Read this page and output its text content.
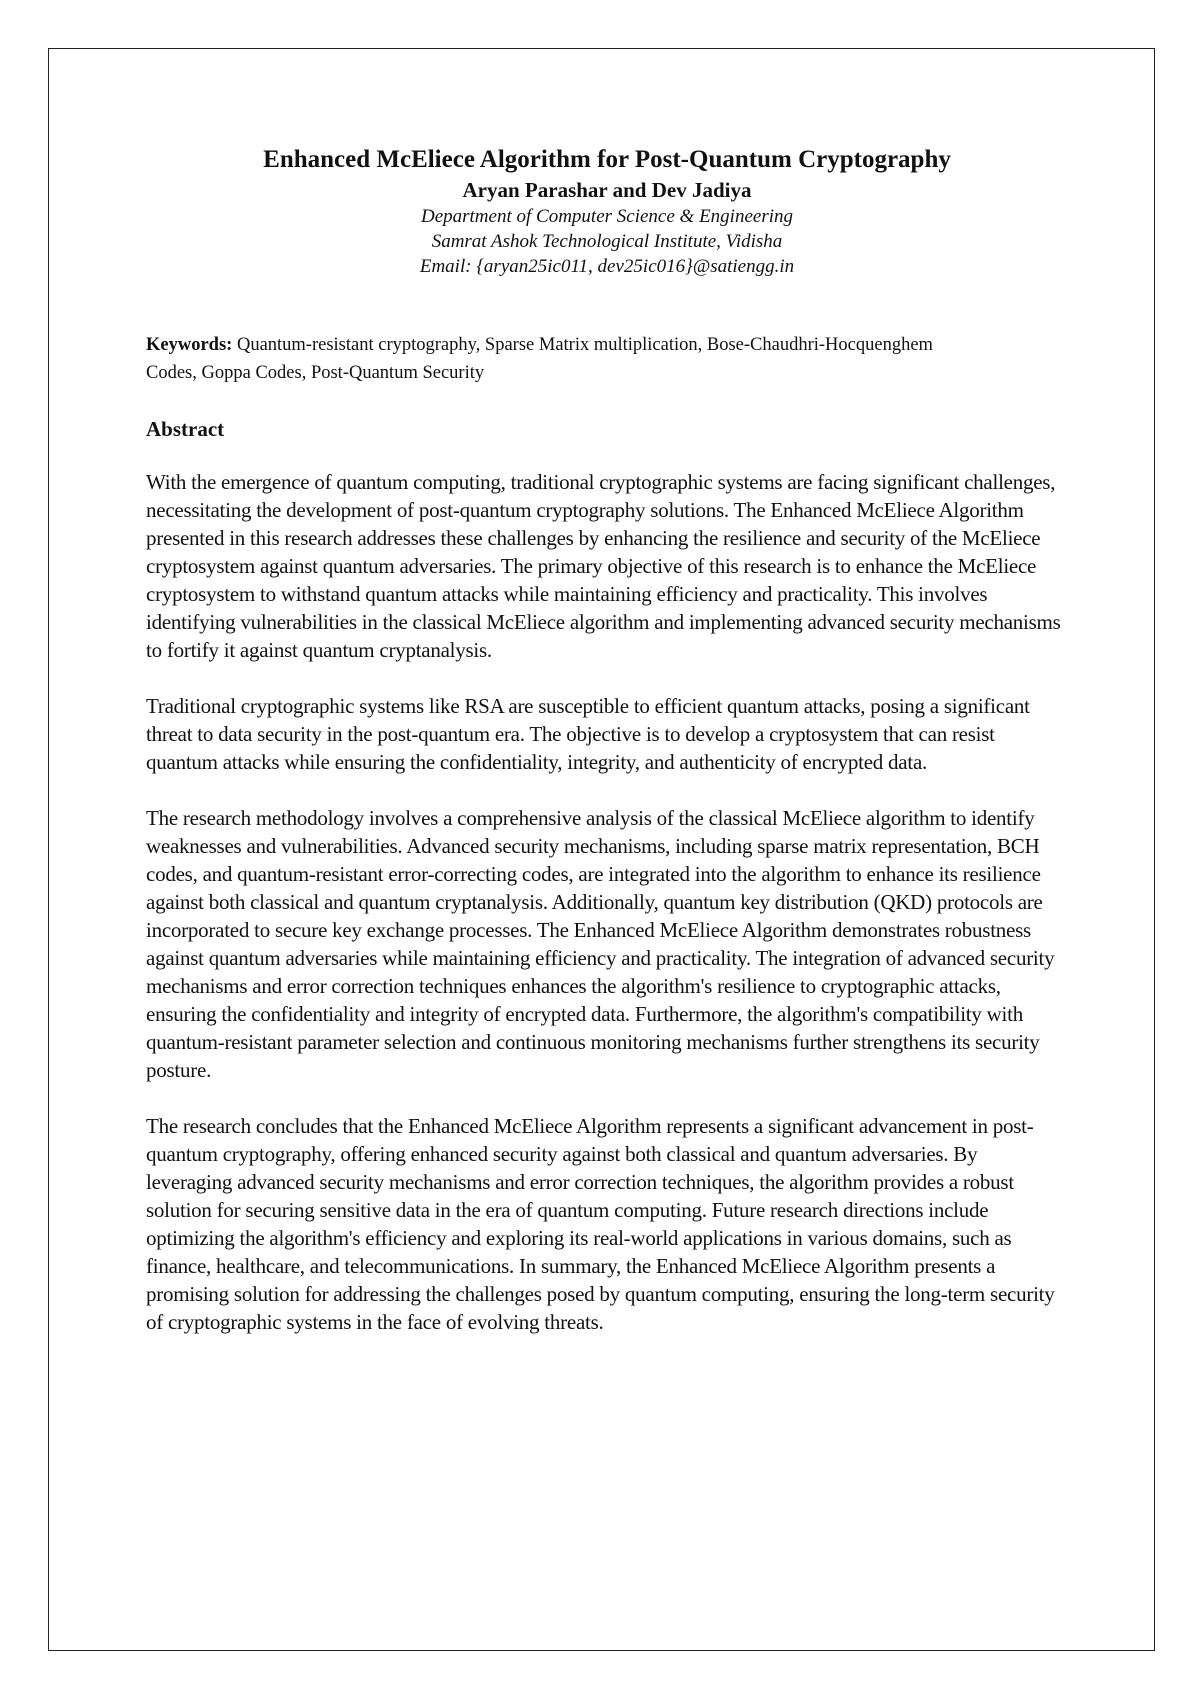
Enhanced McEliece Algorithm for Post-Quantum Cryptography

Aryan Parashar and Dev Jadiya

Department of Computer Science & Engineering

Samrat Ashok Technological Institute, Vidisha

Email: {aryan25ic011, dev25ic016}@satiengg.in

Keywords: Quantum-resistant cryptography, Sparse Matrix multiplication, Bose-Chaudhri-Hocquenghem Codes, Goppa Codes, Post-Quantum Security
Abstract

With the emergence of quantum computing, traditional cryptographic systems are facing significant challenges, necessitating the development of post-quantum cryptography solutions. The Enhanced McEliece Algorithm presented in this research addresses these challenges by enhancing the resilience and security of the McEliece cryptosystem against quantum adversaries. The primary objective of this research is to enhance the McEliece cryptosystem to withstand quantum attacks while maintaining efficiency and practicality. This involves identifying vulnerabilities in the classical McEliece algorithm and implementing advanced security mechanisms to fortify it against quantum cryptanalysis.

Traditional cryptographic systems like RSA are susceptible to efficient quantum attacks, posing a significant threat to data security in the post-quantum era. The objective is to develop a cryptosystem that can resist quantum attacks while ensuring the confidentiality, integrity, and authenticity of encrypted data.

The research methodology involves a comprehensive analysis of the classical McEliece algorithm to identify weaknesses and vulnerabilities. Advanced security mechanisms, including sparse matrix representation, BCH codes, and quantum-resistant error-correcting codes, are integrated into the algorithm to enhance its resilience against both classical and quantum cryptanalysis. Additionally, quantum key distribution (QKD) protocols are incorporated to secure key exchange processes. The Enhanced McEliece Algorithm demonstrates robustness against quantum adversaries while maintaining efficiency and practicality. The integration of advanced security mechanisms and error correction techniques enhances the algorithm's resilience to cryptographic attacks, ensuring the confidentiality and integrity of encrypted data. Furthermore, the algorithm's compatibility with quantum-resistant parameter selection and continuous monitoring mechanisms further strengthens its security posture.

The research concludes that the Enhanced McEliece Algorithm represents a significant advancement in post-quantum cryptography, offering enhanced security against both classical and quantum adversaries. By leveraging advanced security mechanisms and error correction techniques, the algorithm provides a robust solution for securing sensitive data in the era of quantum computing. Future research directions include optimizing the algorithm's efficiency and exploring its real-world applications in various domains, such as finance, healthcare, and telecommunications. In summary, the Enhanced McEliece Algorithm presents a promising solution for addressing the challenges posed by quantum computing, ensuring the long-term security of cryptographic systems in the face of evolving threats.
